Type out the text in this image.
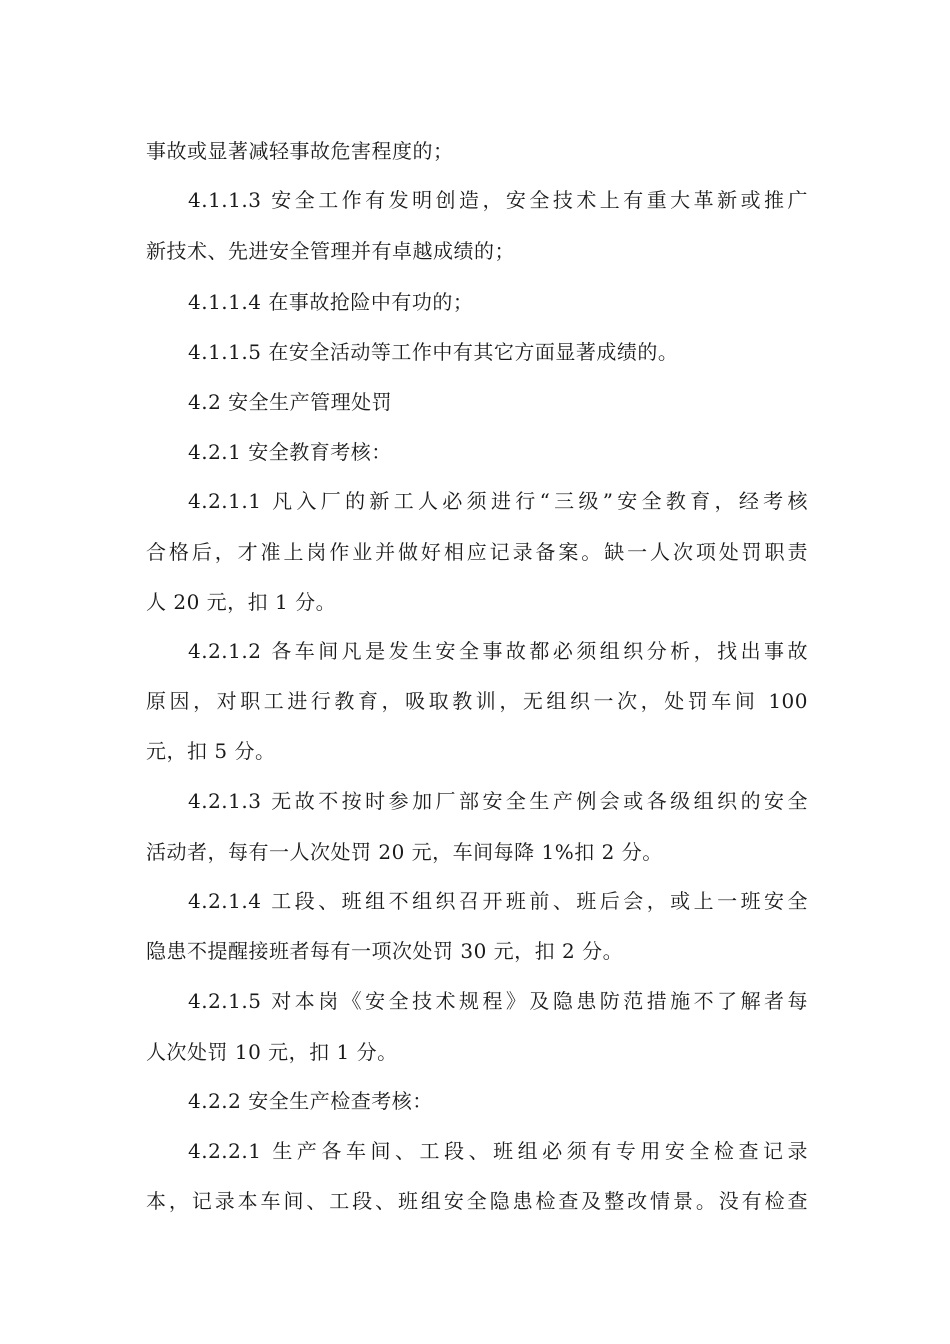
事故或显著减轻事故危害程度的；
4.1.1.3 安全工作有发明创造，安全技术上有重大革新或推广
新技术、先进安全管理并有卓越成绩的；
4.1.1.4 在事故抢险中有功的；
4.1.1.5 在安全活动等工作中有其它方面显著成绩的。
4.2 安全生产管理处罚
4.2.1 安全教育考核：
4.2.1.1 凡入厂的新工人必须进行“三级”安全教育，经考核
合格后，才准上岗作业并做好相应记录备案。缺一人次项处罚职责
人 20 元，扣 1 分。
4.2.1.2 各车间凡是发生安全事故都必须组织分析，找出事故
原因，对职工进行教育，吸取教训，无组织一次，处罚车间 100
元，扣 5 分。
4.2.1.3 无故不按时参加厂部安全生产例会或各级组织的安全
活动者，每有一人次处罚 20 元，车间每降 1%扣 2 分。
4.2.1.4 工段、班组不组织召开班前、班后会，或上一班安全
隐患不提醒接班者每有一项次处罚 30 元，扣 2 分。
4.2.1.5 对本岗《安全技术规程》及隐患防范措施不了解者每
人次处罚 10 元，扣 1 分。
4.2.2 安全生产检查考核：
4.2.2.1 生产各车间、工段、班组必须有专用安全检查记录
本，记录本车间、工段、班组安全隐患检查及整改情景。没有检查
